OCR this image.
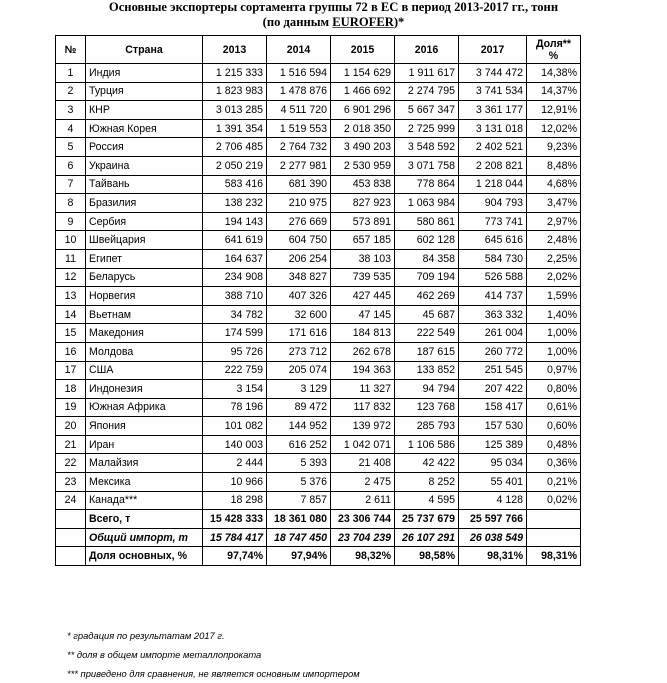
Основные экспортеры сортамента группы 72 в ЕС в период 2013-2017 гг., тонн
(по данным EUROFER)*
№	Страна	2013	2014	2015	2016	2017	Доля** %
1	Индия	1 215 333	1 516 594	1 154 629	1 911 617	3 744 472	14,38%
2	Турция	1 823 983	1 478 876	1 466 692	2 274 795	3 741 534	14,37%
3	КНР	3 013 285	4 511 720	6 901 296	5 667 347	3 361 177	12,91%
4	Южная Корея	1 391 354	1 519 553	2 018 350	2 725 999	3 131 018	12,02%
5	Россия	2 706 485	2 764 732	3 490 203	3 548 592	2 402 521	9,23%
6	Украина	2 050 219	2 277 981	2 530 959	3 071 758	2 208 821	8,48%
7	Тайвань	583 416	681 390	453 838	778 864	1 218 044	4,68%
8	Бразилия	138 232	210 975	827 923	1 063 984	904 793	3,47%
9	Сербия	194 143	276 669	573 891	580 861	773 741	2,97%
10	Швейцария	641 619	604 750	657 185	602 128	645 616	2,48%
11	Египет	164 637	206 254	38 103	84 358	584 730	2,25%
12	Беларусь	234 908	348 827	739 535	709 194	526 588	2,02%
13	Норвегия	388 710	407 326	427 445	462 269	414 737	1,59%
14	Вьетнам	34 782	32 600	47 145	45 687	363 332	1,40%
15	Македония	174 599	171 616	184 813	222 549	261 004	1,00%
16	Молдова	95 726	273 712	262 678	187 615	260 772	1,00%
17	США	222 759	205 074	194 363	133 852	251 545	0,97%
18	Индонезия	3 154	3 129	11 327	94 794	207 422	0,80%
19	Южная Африка	78 196	89 472	117 832	123 768	158 417	0,61%
20	Япония	101 082	144 952	139 972	285 793	157 530	0,60%
21	Иран	140 003	616 252	1 042 071	1 106 586	125 389	0,48%
22	Малайзия	2 444	5 393	21 408	42 422	95 034	0,36%
23	Мексика	10 966	5 376	2 475	8 252	55 401	0,21%
24	Канада***	18 298	7 857	2 611	4 595	4 128	0,02%
	Всего, т	15 428 333	18 361 080	23 306 744	25 737 679	25 597 766	
	Общий импорт, т	15 784 417	18 747 450	23 704 239	26 107 291	26 038 549	
	Доля основных, %	97,74%	97,94%	98,32%	98,58%	98,31%	98,31%
* градация по результатам 2017 г.
** доля в общем импорте металлопроката
*** приведено для сравнения, не является основным импортером
